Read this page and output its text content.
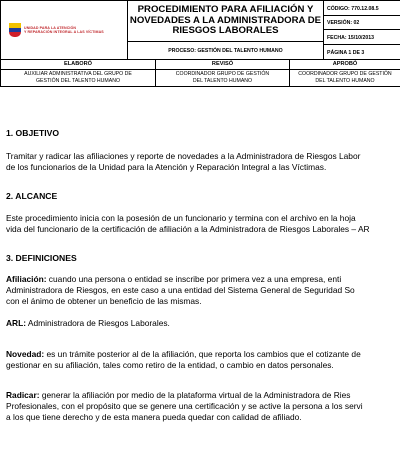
UNIDAD PARA LA ATENCIÓN
Y REPARACIÓN INTEGRAL A LAS VÍCTIMAS
PROCEDIMIENTO PARA AFILIACIÓN Y
NOVEDADES A LA ADMINISTRADORA DE
RIESGOS LABORALES
PROCESO: GESTIÓN DEL TALENTO HUMANO
CÓDIGO: 770.12.08.5
VERSIÓN: 02
FECHA: 15/10/2013
PÁGINA 1 DE 3
ELABORÓ	REVISÓ	APROBÓ
AUXILIAR ADMINISTRATIVA DEL GRUPO DE
GESTIÓN DEL TALENTO HUMANO
COORDINADOR GRUPO DE GESTIÓN
DEL TALENTO HUMANO
COORDINADOR GRUPO DE GESTIÓN
DEL TALENTO HUMANO
1. OBJETIVO
Tramitar y radicar las afiliaciones y reporte de novedades a la Administradora de Riesgos Labor
de los funcionarios de la Unidad para la Atención y Reparación Integral a las Víctimas.
2. ALCANCE
Este procedimiento inicia con la posesión de un funcionario y termina con el archivo en la hoja
vida del funcionario de la certificación de afiliación a la Administradora de Riesgos Laborales – AR
3. DEFINICIONES
Afiliación: cuando una persona o entidad se inscribe por primera vez a una empresa, enti
Administradora de Riesgos, en este caso a una entidad del Sistema General de Seguridad So
con el ánimo de obtener un beneficio de las mismas.
ARL: Administradora de Riesgos Laborales.
Novedad: es un trámite posterior al de la afiliación, que reporta los cambios que el cotizante de
gestionar en su afiliación, tales como retiro de la entidad, o cambio en datos personales.
Radicar: generar la afiliación por medio de la plataforma virtual de la Administradora de Ries
Profesionales, con el propósito que se genere una certificación y se active la persona a los servi
a los que tiene derecho y de esta manera pueda quedar con calidad de afiliado.
